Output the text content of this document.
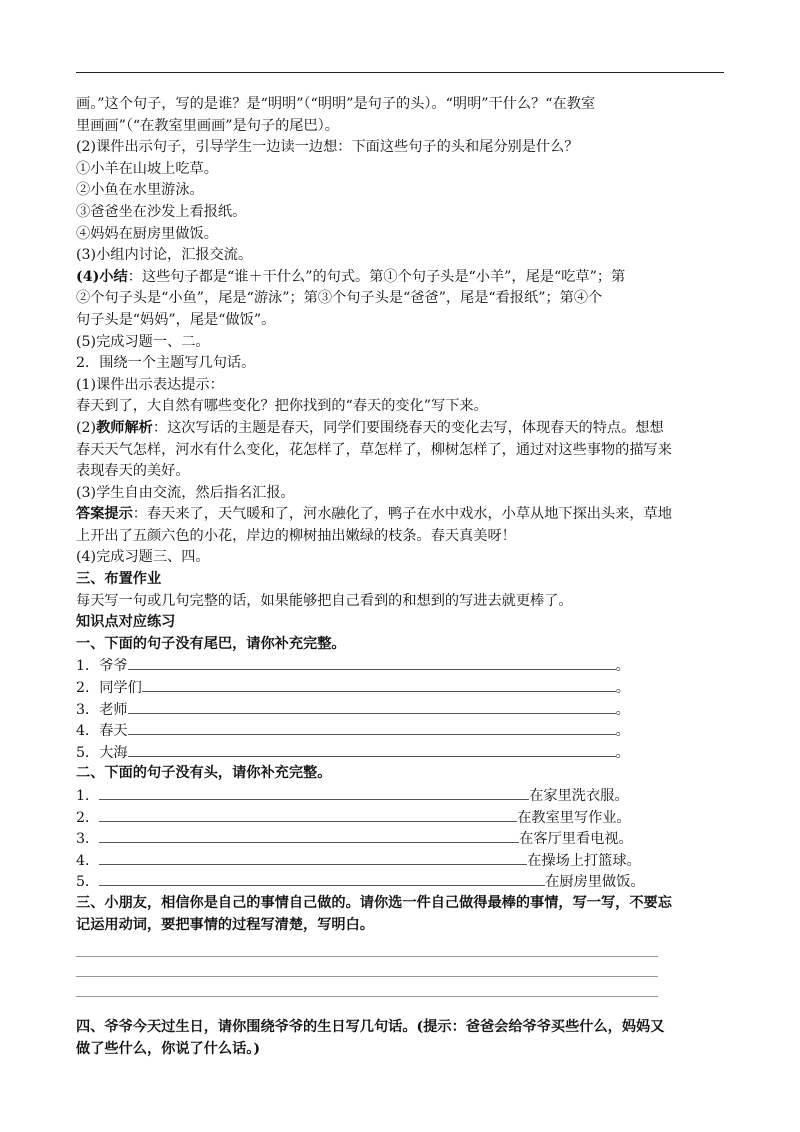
画。”这个句子，写的是谁？是“明明”（“明明”是句子的头）。“明明”干什么？“在教室
里画画”（“在教室里画画”是句子的尾巴）。
(2)课件出示句子，引导学生一边读一边想：下面这些句子的头和尾分别是什么？
①小羊在山坡上吃草。
②小鱼在水里游泳。
③爸爸坐在沙发上看报纸。
④妈妈在厨房里做饭。
(3)小组内讨论，汇报交流。
(4)小结：这些句子都是“谁＋干什么”的句式。第①个句子头是“小羊”，尾是“吃草”；第
②个句子头是“小鱼”，尾是“游泳”；第③个句子头是“爸爸”，尾是“看报纸”；第④个
句子头是“妈妈”，尾是“做饭”。
(5)完成习题一、二。
2．围绕一个主题写几句话。
(1)课件出示表达提示：
春天到了，大自然有哪些变化？把你找到的“春天的变化”写下来。
(2)教师解析：这次写话的主题是春天，同学们要围绕春天的变化去写，体现春天的特点。想想
春天天气怎样，河水有什么变化，花怎样了，草怎样了，柳树怎样了，通过对这些事物的描写来
表现春天的美好。
(3)学生自由交流，然后指名汇报。
答案提示：春天来了，天气暖和了，河水融化了，鸭子在水中戏水，小草从地下探出头来，草地
上开出了五颜六色的小花，岸边的柳树抽出嫩绿的枝条。春天真美呀！
(4)完成习题三、四。
三、布置作业
每天写一句或几句完整的话，如果能够把自己看到的和想到的写进去就更棒了。
知识点对应练习
一、下面的句子没有尾巴，请你补充完整。
1．爷爷	。
2．同学们	。
3．老师	。
4．春天	。
5．大海	。
二、下面的句子没有头，请你补充完整。
1．	在家里洗衣服。
2．	在教室里写作业。
3．	在客厅里看电视。
4．	在操场上打篮球。
5．	在厨房里做饭。
三、小朋友，相信你是自己的事情自己做的。请你选一件自己做得最棒的事情，写一写，不要忘
记运用动词，要把事情的过程写清楚，写明白。
四、爷爷今天过生日，请你围绕爷爷的生日写几句话。(提示：爸爸会给爷爷买些什么，妈妈又
做了些什么，你说了什么话。)
